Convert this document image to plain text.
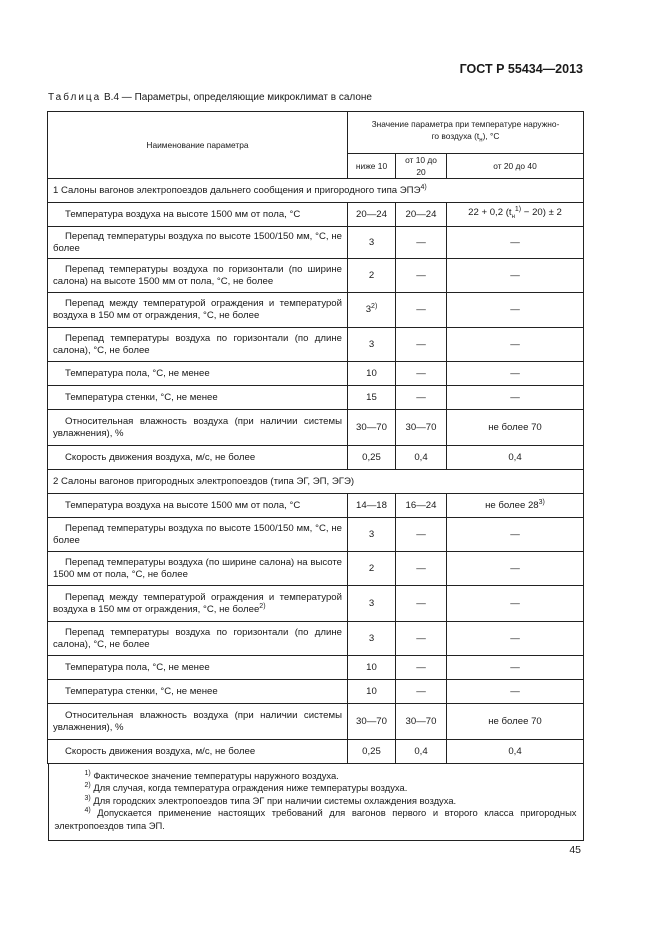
ГОСТ Р 55434—2013
Таблица В.4 — Параметры, определяющие микроклимат в салоне
Наименование параметра	Значение параметра при температуре наружно-
го воздуха $(t_н)$, °С		
	ниже 10	от 10 до 20	от 20 до 40
1 Салоны вагонов электропоездов дальнего сообщения и пригородного типа ЭПЭ$^{4)}$
Температура воздуха на высоте 1500 мм от пола, °С	20—24	20—24	22 + 0,2 $(t_н^{1)} - 20) \pm 2$
Перепад температуры воздуха по высоте 1500/150 мм, °С, не более	3	—	—
Перепад температуры воздуха по горизонтали (по ширине салона) на высоте 1500 мм от пола, °С, не более	2	—	—
Перепад между температурой ограждения и температурой воздуха в 150 мм от ограждения, °С, не более	3$^{2)}$	—	—
Перепад температуры воздуха по горизонтали (по длине салона), °С, не более	3	—	—
Температура пола, °С, не менее	10	—	—
Температура стенки, °С, не менее	15	—	—
Относительная влажность воздуха (при наличии системы увлажнения), %	30—70	30—70	не более 70
Скорость движения воздуха, м/с, не более	0,25	0,4	0,4
2 Салоны вагонов пригородных электропоездов (типа ЭГ, ЭП, ЭГЭ)			
Температура воздуха на высоте 1500 мм от пола, °С	14—18	16—24	не более 28$^{3)}$
Перепад температуры воздуха по высоте 1500/150 мм, °С, не более	3	—	—
Перепад температуры воздуха (по ширине салона) на высоте 1500 мм от пола, °С, не более	2	—	—
Перепад между температурой ограждения и температурой воздуха в 150 мм от ограждения, °С, не более$^{2)}$	3	—	—
Перепад температуры воздуха по горизонтали (по длине салона), °С, не более	3	—	—
Температура пола, °С, не менее	10	—	—
Температура стенки, °С, не менее	10	—	—
Относительная влажность воздуха (при наличии системы увлажнения), %	30—70	30—70	не более 70
Скорость движения воздуха, м/с, не более	0,25	0,4	0,4

$^{1)}$ Фактическое значение температуры наружного воздуха.
$^{2)}$ Для случая, когда температура ограждения ниже температуры воздуха.
$^{3)}$ Для городских электропоездов типа ЭГ при наличии системы охлаждения воздуха.
$^{4)}$ Допускается применение настоящих требований для вагонов первого и второго класса пригородных электропоездов типа ЭП.			
45
